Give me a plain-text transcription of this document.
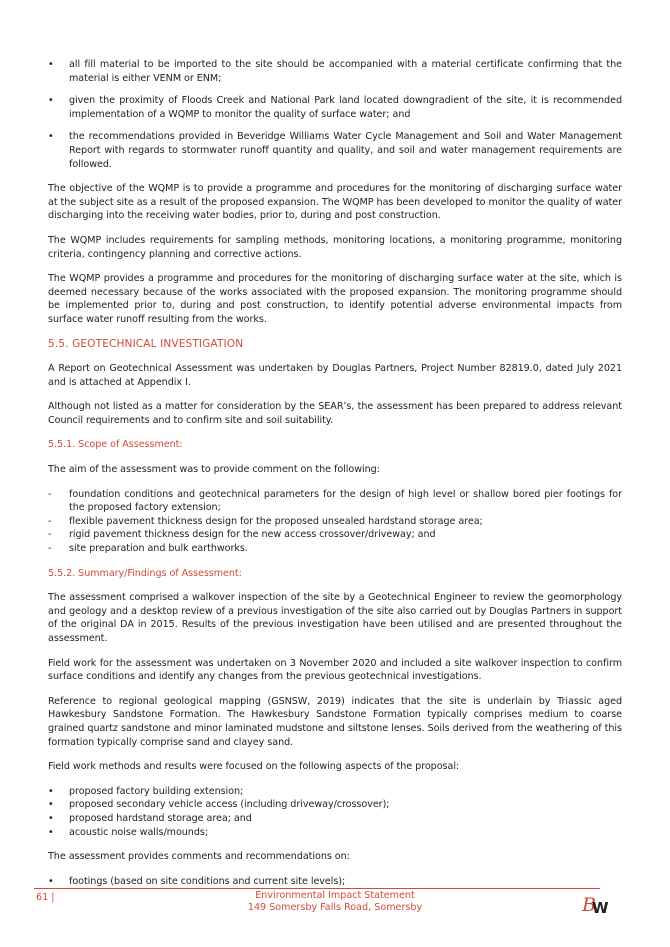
• all fill material to be imported to the site should be accompanied with a material certificate confirming that the material is either VENM or ENM;
• given the proximity of Floods Creek and National Park land located downgradient of the site, it is recommended implementation of a WQMP to monitor the quality of surface water; and
• the recommendations provided in Beveridge Williams Water Cycle Management and Soil and Water Management Report with regards to stormwater runoff quantity and quality, and soil and water management requirements are followed.

The objective of the WQMP is to provide a programme and procedures for the monitoring of discharging surface water at the subject site as a result of the proposed expansion. The WQMP has been developed to monitor the quality of water discharging into the receiving water bodies, prior to, during and post construction.

The WQMP includes requirements for sampling methods, monitoring locations, a monitoring programme, monitoring criteria, contingency planning and corrective actions.

The WQMP provides a programme and procedures for the monitoring of discharging surface water at the site, which is deemed necessary because of the works associated with the proposed expansion. The monitoring programme should be implemented prior to, during and post construction, to identify potential adverse environmental impacts from surface water runoff resulting from the works.

5.5. GEOTECHNICAL INVESTIGATION

A Report on Geotechnical Assessment was undertaken by Douglas Partners, Project Number 82819.0, dated July 2021 and is attached at Appendix I.

Although not listed as a matter for consideration by the SEAR’s, the assessment has been prepared to address relevant Council requirements and to confirm site and soil suitability.

5.5.1. Scope of Assessment:

The aim of the assessment was to provide comment on the following:

- foundation conditions and geotechnical parameters for the design of high level or shallow bored pier footings for the proposed factory extension;
- flexible pavement thickness design for the proposed unsealed hardstand storage area;
- rigid pavement thickness design for the new access crossover/driveway; and
- site preparation and bulk earthworks.
5.5.2. Summary/Findings of Assessment:

The assessment comprised a walkover inspection of the site by a Geotechnical Engineer to review the geomorphology and geology and a desktop review of a previous investigation of the site also carried out by Douglas Partners in support of the original DA in 2015. Results of the previous investigation have been utilised and are presented throughout the assessment.

Field work for the assessment was undertaken on 3 November 2020 and included a site walkover inspection to confirm surface conditions and identify any changes from the previous geotechnical investigations.

Reference to regional geological mapping (GSNSW, 2019) indicates that the site is underlain by Triassic aged Hawkesbury Sandstone Formation. The Hawkesbury Sandstone Formation typically comprises medium to coarse grained quartz sandstone and minor laminated mudstone and siltstone lenses. Soils derived from the weathering of this formation typically comprise sand and clayey sand.

Field work methods and results were focused on the following aspects of the proposal:

• proposed factory building extension;
• proposed secondary vehicle access (including driveway/crossover);
• proposed hardstand storage area; and
• acoustic noise walls/mounds;

The assessment provides comments and recommendations on:

• footings (based on site conditions and current site levels);
61 |	Environmental Impact Statement
149 Somersby Falls Road, Somersby	B
W
